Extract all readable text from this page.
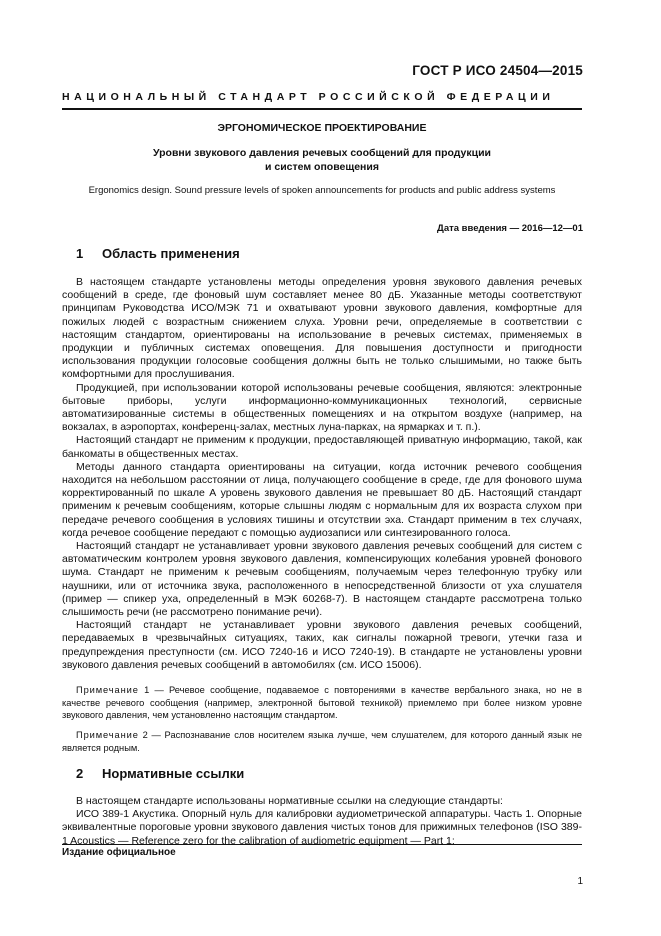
ГОСТ Р ИСО 24504—2015
НАЦИОНАЛЬНЫЙ СТАНДАРТ РОССИЙСКОЙ ФЕДЕРАЦИИ
ЭРГОНОМИЧЕСКОЕ ПРОЕКТИРОВАНИЕ
Уровни звукового давления речевых сообщений для продукции
и систем оповещения
Ergonomics design. Sound pressure levels of spoken announcements for products and public address systems
Дата введения — 2016—12—01
1 Область применения

В настоящем стандарте установлены методы определения уровня звукового давления речевых сообщений в среде, где фоновый шум составляет менее 80 дБ. Указанные методы соответствуют принципам Руководства ИСО/МЭК 71 и охватывают уровни звукового давления, комфортные для пожилых людей с возрастным снижением слуха. Уровни речи, определяемые в соответствии с настоящим стандартом, ориентированы на использование в речевых системах, применяемых в продукции и публичных системах оповещения. Для повышения доступности и пригодности использования продукции голосовые сообщения должны быть не только слышимыми, но также быть комфортными для прослушивания.

Продукцией, при использовании которой использованы речевые сообщения, являются: электронные бытовые приборы, услуги информационно-коммуникационных технологий, сервисные автоматизированные системы в общественных помещениях и на открытом воздухе (например, на вокзалах, в аэропортах, конференц-залах, местных луна-парках, на ярмарках и т. п.).

Настоящий стандарт не применим к продукции, предоставляющей приватную информацию, такой, как банкоматы в общественных местах.

Методы данного стандарта ориентированы на ситуации, когда источник речевого сообщения находится на небольшом расстоянии от лица, получающего сообщение в среде, где для фонового шума корректированный по шкале А уровень звукового давления не превышает 80 дБ. Настоящий стандарт применим к речевым сообщениям, которые слышны людям с нормальным для их возраста слухом при передаче речевого сообщения в условиях тишины и отсутствии эха. Стандарт применим в тех случаях, когда речевое сообщение передают с помощью аудиозаписи или синтезированного голоса.

Настоящий стандарт не устанавливает уровни звукового давления речевых сообщений для систем с автоматическим контролем уровня звукового давления, компенсирующих колебания уровней фонового шума. Стандарт не применим к речевым сообщениям, получаемым через телефонную трубку или наушники, или от источника звука, расположенного в непосредственной близости от уха слушателя (пример — спикер уха, определенный в МЭК 60268-7). В настоящем стандарте рассмотрена только слышимость речи (не рассмотрено понимание речи).

Настоящий стандарт не устанавливает уровни звукового давления речевых сообщений, передаваемых в чрезвычайных ситуациях, таких, как сигналы пожарной тревоги, утечки газа и предупреждения преступности (см. ИСО 7240-16 и ИСО 7240-19). В стандарте не установлены уровни звукового давления речевых сообщений в автомобилях (см. ИСО 15006).

Примечание 1 — Речевое сообщение, подаваемое с повторениями в качестве вербального знака, но не в качестве речевого сообщения (например, электронной бытовой техникой) приемлемо при более низком уровне звукового давления, чем установленно настоящим стандартом.

Примечание 2 — Распознавание слов носителем языка лучше, чем слушателем, для которого данный язык не является родным.

2 Нормативные ссылки

В настоящем стандарте использованы нормативные ссылки на следующие стандарты:

ИСО 389-1 Акустика. Опорный нуль для калибровки аудиометрической аппаратуры. Часть 1. Опорные эквивалентные пороговые уровни звукового давления чистых тонов для прижимных телефонов (ISO 389-1 Acoustics — Reference zero for the calibration of audiometric equipment — Part 1:

Издание официальное
1
